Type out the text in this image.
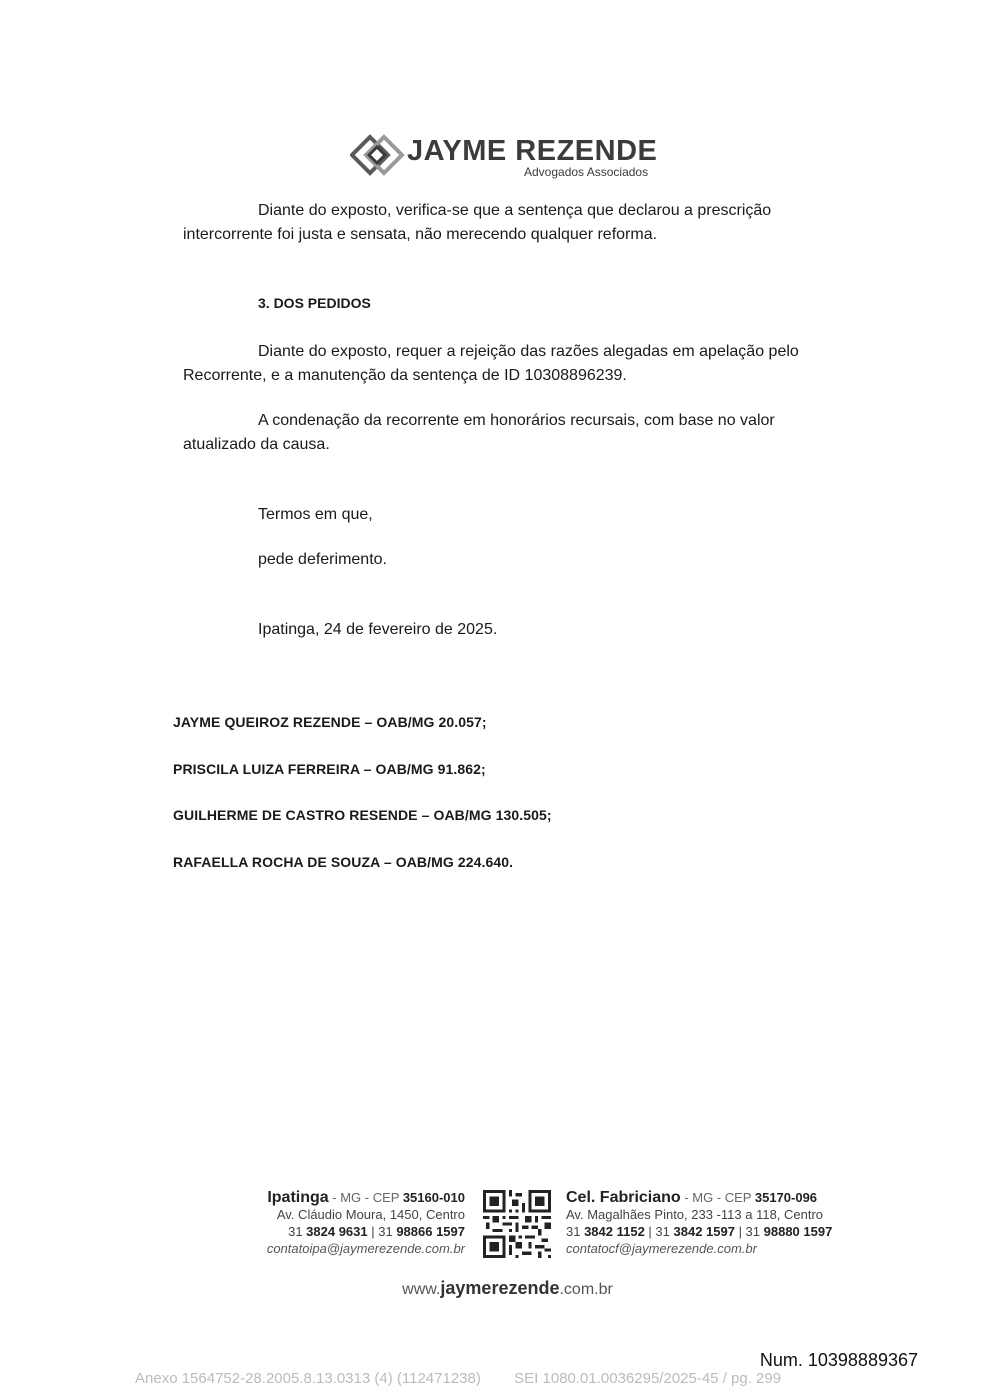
JAYME REZENDE
Advogados Associados
Diante do exposto, verifica-se que a sentença que declarou a prescrição intercorrente foi justa e sensata, não merecendo qualquer reforma.
3. DOS PEDIDOS
Diante do exposto, requer a rejeição das razões alegadas em apelação pelo Recorrente, e a manutenção da sentença de ID 10308896239.
A condenação da recorrente em honorários recursais, com base no valor atualizado da causa.
Termos em que,
pede deferimento.
Ipatinga, 24 de fevereiro de 2025.
JAYME QUEIROZ REZENDE – OAB/MG 20.057;
PRISCILA LUIZA FERREIRA – OAB/MG 91.862;
GUILHERME DE CASTRO RESENDE – OAB/MG 130.505;
RAFAELLA ROCHA DE SOUZA – OAB/MG 224.640.
Ipatinga - MG - CEP 35160-010
Av. Cláudio Moura, 1450, Centro
31 3824 9631 | 31 98866 1597
contatoipa@jaymerezende.com.br
Cel. Fabriciano - MG - CEP 35170-096
Av. Magalhães Pinto, 233 -113 a 118, Centro
31 3842 1152 | 31 3842 1597 | 31 98880 1597
contatocf@jaymerezende.com.br
www.jaymerezende.com.br
Num. 10398889367
Anexo 1564752-28.2005.8.13.0313 (4) (112471238)        SEI 1080.01.0036295/2025-45 / pg. 299
